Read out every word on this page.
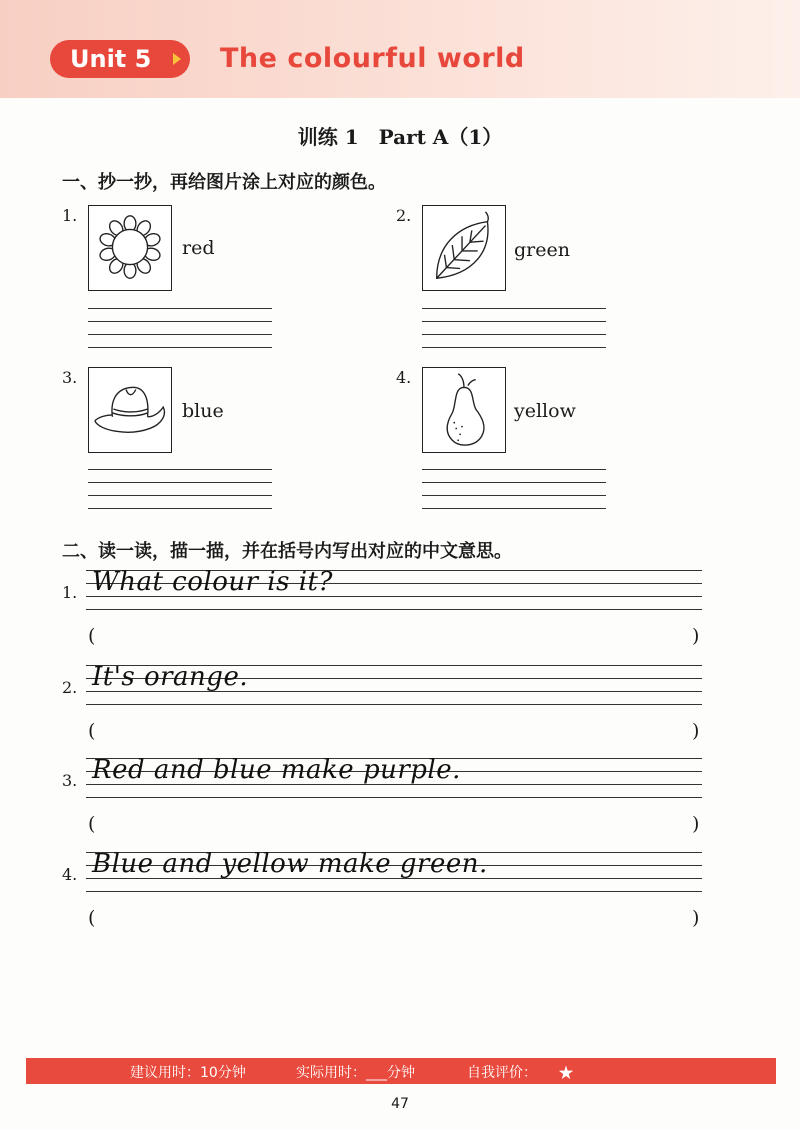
Unit 5	The colourful world
训练 1　Part A（1）
一、抄一抄，再给图片涂上对应的颜色。
1.
red
2.
green
3.
blue
4.
yellow
二、读一读，描一描，并在括号内写出对应的中文意思。
1. What colour is it?
(	)
2. It's orange.
(	)
3. Red and blue make purple.
(	)
4. Blue and yellow make green.
(	)
建议用时：10分钟	实际用时：___分钟	自我评价：
47
